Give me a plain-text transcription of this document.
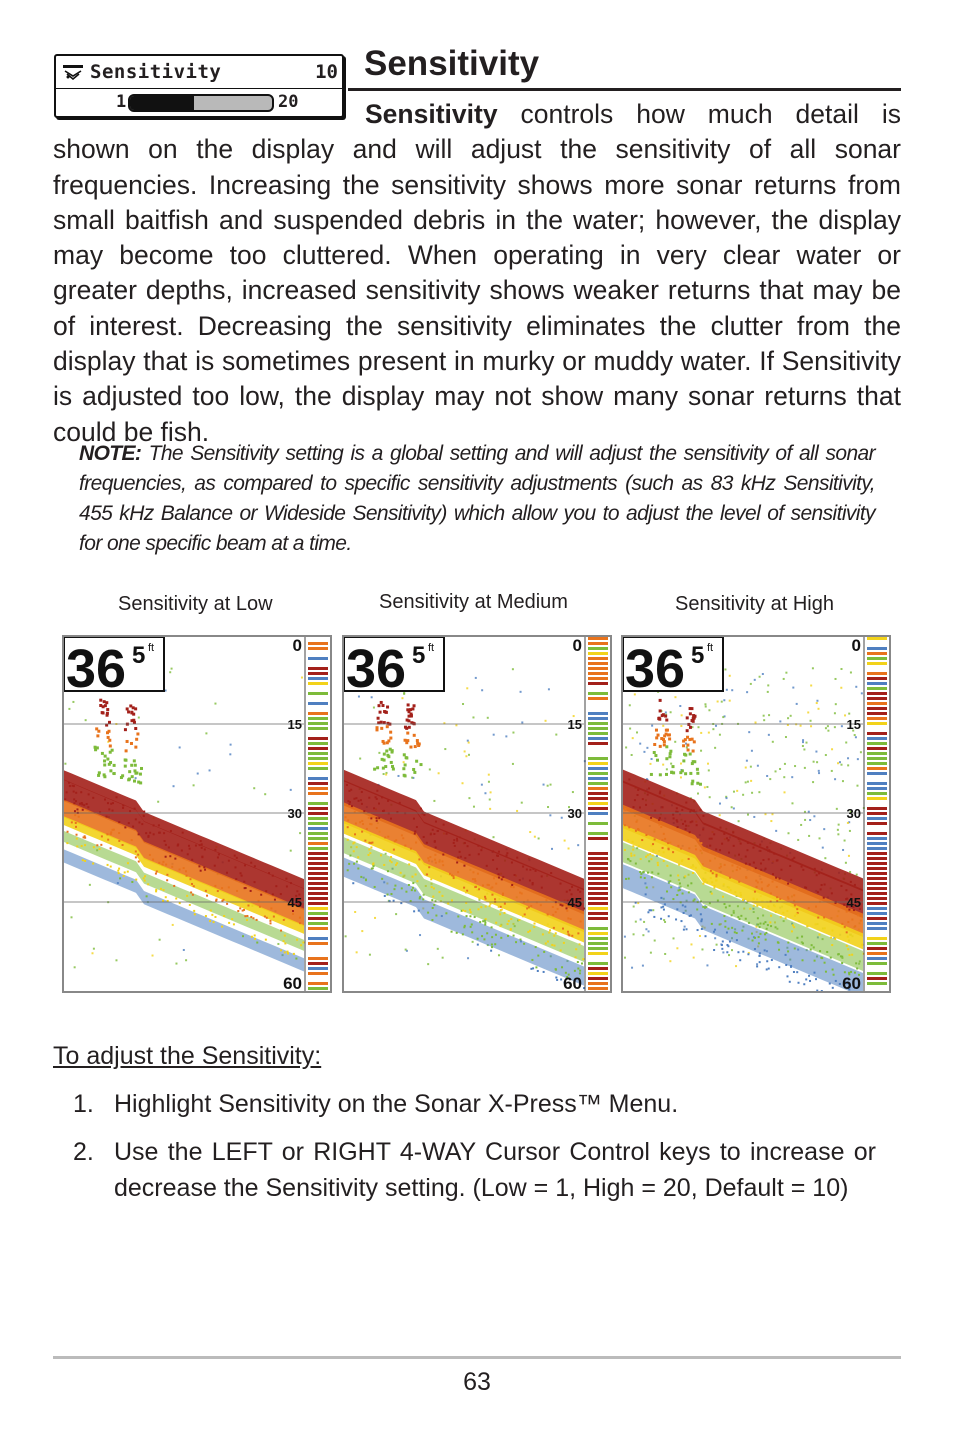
Sensitivity	10
1	20
Sensitivity

Sensitivity controls how much detail is shown on the display and will adjust the sensitivity of all sonar frequencies. Increasing the sensitivity shows more sonar returns from small baitfish and suspended debris in the water; however, the display may become too cluttered. When operating in very clear water or greater depths, increased sensitivity shows weaker returns that may be of interest. Decreasing the sensitivity eliminates the clutter from the display that is sometimes present in murky or muddy water. If Sensitivity is adjusted too low, the display may not show many sonar returns that could be fish.

NOTE: The Sensitivity setting is a global setting and will adjust the sensitivity of all sonar frequencies, as compared to specific sensitivity adjustments (such as 83 kHz Sensitivity, 455 kHz Balance or Wideside Sensitivity) which allow you to adjust the level of sensitivity for one specific beam at a time.

Sensitivity at Low	Sensitivity at Medium	Sensitivity at High
0
15
30
45
60
36 5 ft	0
15
30
45
60
36 5 ft	0
15
30
45
60
36 5 ft
To adjust the Sensitivity:
1. Highlight Sensitivity on the Sonar X-Press™ Menu.
2. Use the LEFT or RIGHT 4-WAY Cursor Control keys to increase or decrease the Sensitivity setting. (Low = 1, High = 20, Default = 10)
63
